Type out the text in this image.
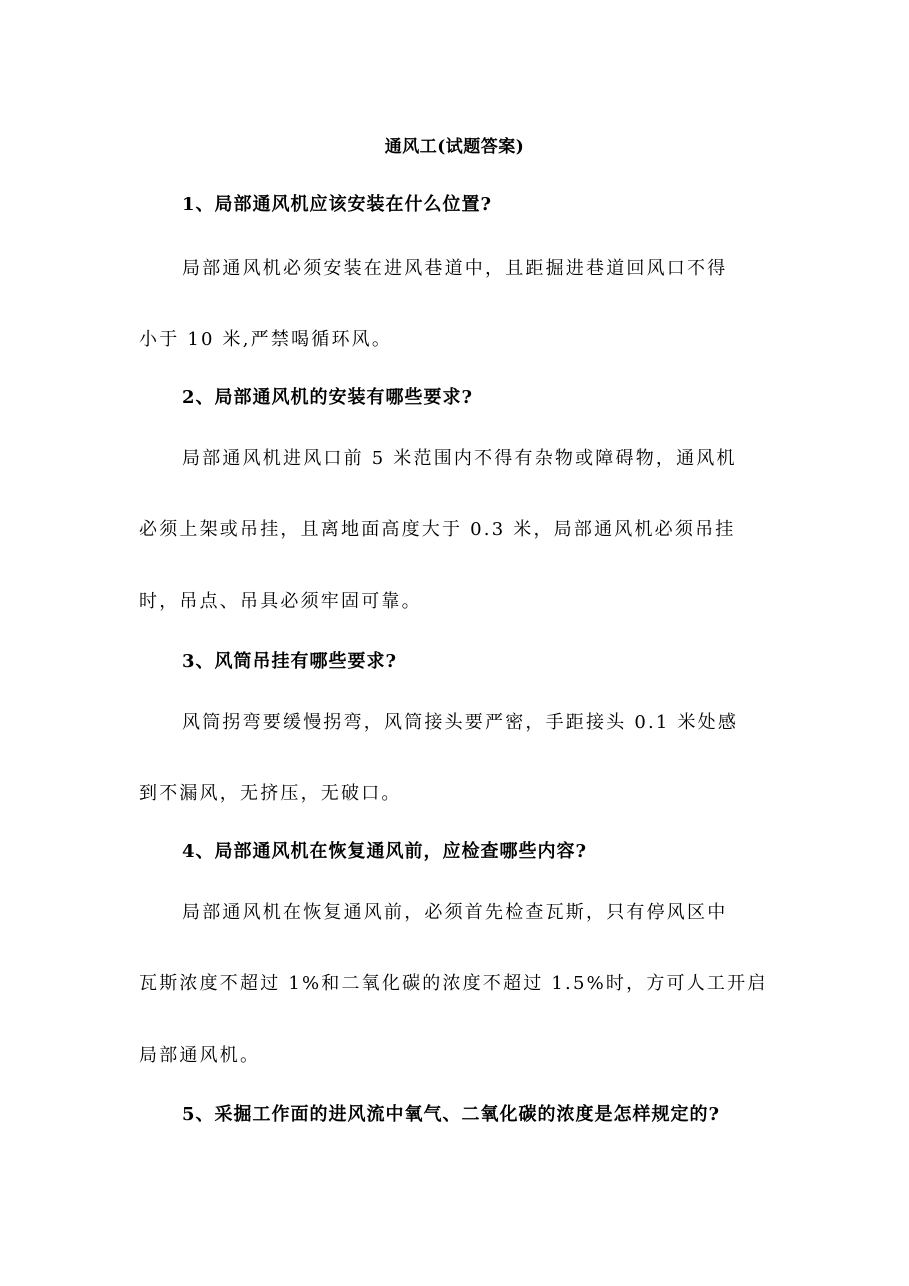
通风工(试题答案)
1、局部通风机应该安装在什么位置?
局部通风机必须安装在进风巷道中，且距掘进巷道回风口不得
小于 10 米,严禁喝循环风。
2、局部通风机的安装有哪些要求?
局部通风机进风口前 5 米范围内不得有杂物或障碍物，通风机
必须上架或吊挂，且离地面高度大于 0.3 米，局部通风机必须吊挂
时，吊点、吊具必须牢固可靠。
3、风筒吊挂有哪些要求?
风筒拐弯要缓慢拐弯，风筒接头要严密，手距接头 0.1 米处感
到不漏风，无挤压，无破口。
4、局部通风机在恢复通风前，应检查哪些内容?
局部通风机在恢复通风前，必须首先检查瓦斯，只有停风区中
瓦斯浓度不超过 1%和二氧化碳的浓度不超过 1.5%时，方可人工开启
局部通风机。
5、采掘工作面的进风流中氧气、二氧化碳的浓度是怎样规定的?
